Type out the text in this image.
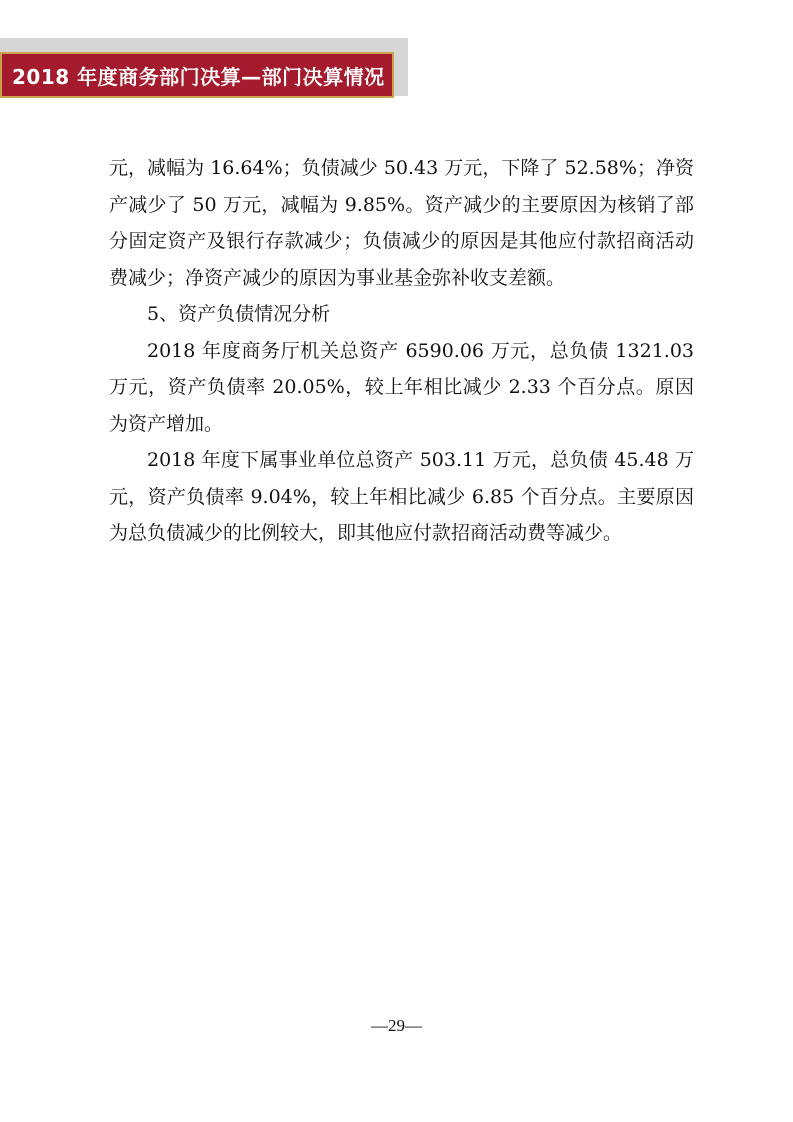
2018 年度商务部门决算—部门决算情况

元，减幅为 16.64%；负债减少 50.43 万元，下降了 52.58%；净资产减少了 50 万元，减幅为 9.85%。资产减少的主要原因为核销了部分固定资产及银行存款减少；负债减少的原因是其他应付款招商活动费减少；净资产减少的原因为事业基金弥补收支差额。

5、资产负债情况分析

2018 年度商务厅机关总资产 6590.06 万元，总负债 1321.03 万元，资产负债率 20.05%，较上年相比减少 2.33 个百分点。原因为资产增加。

2018 年度下属事业单位总资产 503.11 万元，总负债 45.48 万元，资产负债率 9.04%，较上年相比减少 6.85 个百分点。主要原因为总负债减少的比例较大，即其他应付款招商活动费等减少。

—29—
